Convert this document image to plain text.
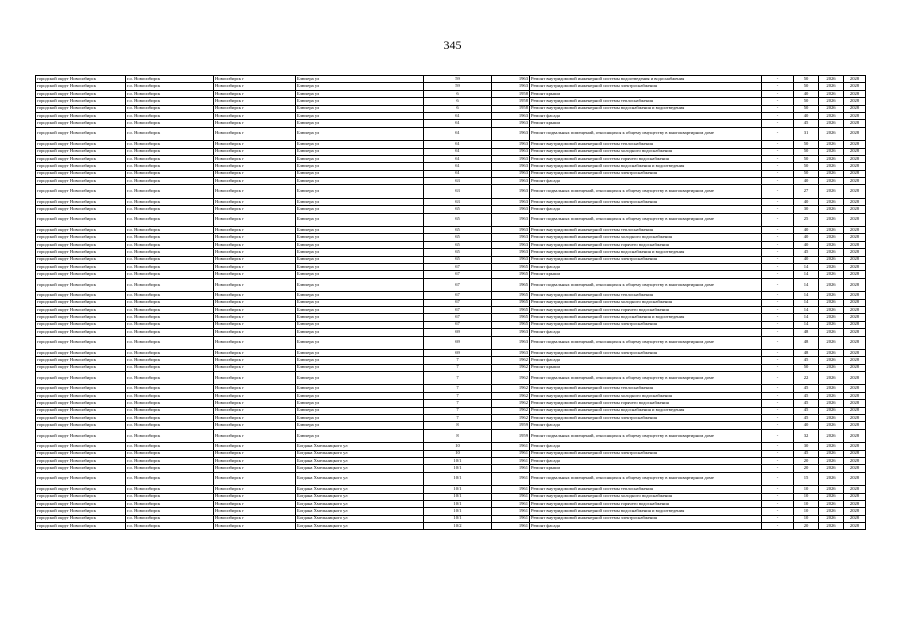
345
городской округ Новосибирск	г.о. Новосибирск	Новосибирск г	Блюхера ул	59	1963	Ремонт внутридомовой инженерной системы водоотведения и водоснабжения	-	50	2026	2028
городской округ Новосибирск	г.о. Новосибирск	Новосибирск г	Блюхера ул	59	1963	Ремонт внутридомовой инженерной системы электроснабжения	-	50	2026	2028
городской округ Новосибирск	г.о. Новосибирск	Новосибирск г	Блюхера ул	6	1958	Ремонт крыши	-	40	2026	2028
городской округ Новосибирск	г.о. Новосибирск	Новосибирск г	Блюхера ул	6	1958	Ремонт внутридомовой инженерной системы теплоснабжения	-	50	2026	2028
городской округ Новосибирск	г.о. Новосибирск	Новосибирск г	Блюхера ул	6	1958	Ремонт внутридомовой инженерной системы водоснабжения и водоотведения	-	50	2026	2028
городской округ Новосибирск	г.о. Новосибирск	Новосибирск г	Блюхера ул	61	1963	Ремонт фасада	-	40	2026	2028
городской округ Новосибирск	г.о. Новосибирск	Новосибирск г	Блюхера ул	61	1963	Ремонт крыши	-	45	2026	2028
городской округ Новосибирск	г.о. Новосибирск	Новосибирск г	Блюхера ул	61	1963	Ремонт подвальных помещений, относящихся к общему имуществу в многоквартирном доме	-	31	2026	2028
городской округ Новосибирск	г.о. Новосибирск	Новосибирск г	Блюхера ул	61	1963	Ремонт внутридомовой инженерной системы теплоснабжения	-	50	2026	2028
городской округ Новосибирск	г.о. Новосибирск	Новосибирск г	Блюхера ул	61	1963	Ремонт внутридомовой инженерной системы холодного водоснабжения	-	50	2026	2028
городской округ Новосибирск	г.о. Новосибирск	Новосибирск г	Блюхера ул	61	1963	Ремонт внутридомовой инженерной системы горячего водоснабжения	-	50	2026	2028
городской округ Новосибирск	г.о. Новосибирск	Новосибирск г	Блюхера ул	61	1963	Ремонт внутридомовой инженерной системы водоснабжения и водоотведения	-	50	2026	2028
городской округ Новосибирск	г.о. Новосибирск	Новосибирск г	Блюхера ул	61	1963	Ремонт внутридомовой инженерной системы электроснабжения	-	50	2026	2028
городской округ Новосибирск	г.о. Новосибирск	Новосибирск г	Блюхера ул	63	1963	Ремонт фасада	-	40	2026	2028
городской округ Новосибирск	г.о. Новосибирск	Новосибирск г	Блюхера ул	63	1963	Ремонт подвальных помещений, относящихся к общему имуществу в многоквартирном доме	-	27	2026	2028
городской округ Новосибирск	г.о. Новосибирск	Новосибирск г	Блюхера ул	63	1963	Ремонт внутридомовой инженерной системы электроснабжения	-	40	2026	2028
городской округ Новосибирск	г.о. Новосибирск	Новосибирск г	Блюхера ул	65	1963	Ремонт фасада	-	30	2026	2028
городской округ Новосибирск	г.о. Новосибирск	Новосибирск г	Блюхера ул	65	1963	Ремонт подвальных помещений, относящихся к общему имуществу в многоквартирном доме	-	25	2026	2028
городской округ Новосибирск	г.о. Новосибирск	Новосибирск г	Блюхера ул	65	1963	Ремонт внутридомовой инженерной системы теплоснабжения	-	40	2026	2028
городской округ Новосибирск	г.о. Новосибирск	Новосибирск г	Блюхера ул	65	1963	Ремонт внутридомовой инженерной системы холодного водоснабжения	-	40	2026	2028
городской округ Новосибирск	г.о. Новосибирск	Новосибирск г	Блюхера ул	65	1963	Ремонт внутридомовой инженерной системы горячего водоснабжения	-	40	2026	2028
городской округ Новосибирск	г.о. Новосибирск	Новосибирск г	Блюхера ул	65	1963	Ремонт внутридомовой инженерной системы водоснабжения и водоотведения	-	45	2026	2028
городской округ Новосибирск	г.о. Новосибирск	Новосибирск г	Блюхера ул	65	1963	Ремонт внутридомовой инженерной системы электроснабжения	-	40	2026	2028
городской округ Новосибирск	г.о. Новосибирск	Новосибирск г	Блюхера ул	67	1965	Ремонт фасада	-	14	2026	2028
городской округ Новосибирск	г.о. Новосибирск	Новосибирск г	Блюхера ул	67	1965	Ремонт крыши	-	14	2026	2028
городской округ Новосибирск	г.о. Новосибирск	Новосибирск г	Блюхера ул	67	1965	Ремонт подвальных помещений, относящихся к общему имуществу в многоквартирном доме	-	14	2026	2028
городской округ Новосибирск	г.о. Новосибирск	Новосибирск г	Блюхера ул	67	1965	Ремонт внутридомовой инженерной системы теплоснабжения	-	14	2026	2028
городской округ Новосибирск	г.о. Новосибирск	Новосибирск г	Блюхера ул	67	1965	Ремонт внутридомовой инженерной системы холодного водоснабжения	-	14	2026	2028
городской округ Новосибирск	г.о. Новосибирск	Новосибирск г	Блюхера ул	67	1965	Ремонт внутридомовой инженерной системы горячего водоснабжения	-	14	2026	2028
городской округ Новосибирск	г.о. Новосибирск	Новосибирск г	Блюхера ул	67	1965	Ремонт внутридомовой инженерной системы водоснабжения и водоотведения	-	14	2026	2028
городской округ Новосибирск	г.о. Новосибирск	Новосибирск г	Блюхера ул	67	1965	Ремонт внутридомовой инженерной системы электроснабжения	-	14	2026	2028
городской округ Новосибирск	г.о. Новосибирск	Новосибирск г	Блюхера ул	69	1963	Ремонт фасада	-	48	2026	2028
городской округ Новосибирск	г.о. Новосибирск	Новосибирск г	Блюхера ул	69	1963	Ремонт подвальных помещений, относящихся к общему имуществу в многоквартирном доме	-	48	2026	2028
городской округ Новосибирск	г.о. Новосибирск	Новосибирск г	Блюхера ул	69	1963	Ремонт внутридомовой инженерной системы электроснабжения	-	48	2026	2028
городской округ Новосибирск	г.о. Новосибирск	Новосибирск г	Блюхера ул	7	1962	Ремонт фасада	-	45	2026	2028
городской округ Новосибирск	г.о. Новосибирск	Новосибирск г	Блюхера ул	7	1962	Ремонт крыши	-	50	2026	2028
городской округ Новосибирск	г.о. Новосибирск	Новосибирск г	Блюхера ул	7	1962	Ремонт подвальных помещений, относящихся к общему имуществу в многоквартирном доме	-	22	2026	2028
городской округ Новосибирск	г.о. Новосибирск	Новосибирск г	Блюхера ул	7	1962	Ремонт внутридомовой инженерной системы теплоснабжения	-	45	2026	2028
городской округ Новосибирск	г.о. Новосибирск	Новосибирск г	Блюхера ул	7	1962	Ремонт внутридомовой инженерной системы холодного водоснабжения	-	45	2026	2028
городской округ Новосибирск	г.о. Новосибирск	Новосибирск г	Блюхера ул	7	1962	Ремонт внутридомовой инженерной системы горячего водоснабжения	-	45	2026	2028
городской округ Новосибирск	г.о. Новосибирск	Новосибирск г	Блюхера ул	7	1962	Ремонт внутридомовой инженерной системы водоснабжения и водоотведения	-	45	2026	2028
городской округ Новосибирск	г.о. Новосибирск	Новосибирск г	Блюхера ул	7	1962	Ремонт внутридомовой инженерной системы электроснабжения	-	45	2026	2028
городской округ Новосибирск	г.о. Новосибирск	Новосибирск г	Блюхера ул	8	1959	Ремонт фасада	-	40	2026	2028
городской округ Новосибирск	г.о. Новосибирск	Новосибирск г	Блюхера ул	8	1959	Ремонт подвальных помещений, относящихся к общему имуществу в многоквартирном доме	-	32	2026	2028
городской округ Новосибирск	г.о. Новосибирск	Новосибирск г	Богдана Хмельницкого ул	10	1961	Ремонт фасада	-	30	2026	2028
городской округ Новосибирск	г.о. Новосибирск	Новосибирск г	Богдана Хмельницкого ул	10	1961	Ремонт внутридомовой инженерной системы электроснабжения	-	45	2026	2028
городской округ Новосибирск	г.о. Новосибирск	Новосибирск г	Богдана Хмельницкого ул	10/1	1961	Ремонт фасада	-	20	2026	2028
городской округ Новосибирск	г.о. Новосибирск	Новосибирск г	Богдана Хмельницкого ул	10/1	1961	Ремонт крыши	-	20	2026	2028
городской округ Новосибирск	г.о. Новосибирск	Новосибирск г	Богдана Хмельницкого ул	10/1	1961	Ремонт подвальных помещений, относящихся к общему имуществу в многоквартирном доме	-	15	2026	2028
городской округ Новосибирск	г.о. Новосибирск	Новосибирск г	Богдана Хмельницкого ул	10/1	1961	Ремонт внутридомовой инженерной системы теплоснабжения	-	10	2026	2028
городской округ Новосибирск	г.о. Новосибирск	Новосибирск г	Богдана Хмельницкого ул	10/1	1961	Ремонт внутридомовой инженерной системы холодного водоснабжения	-	10	2026	2028
городской округ Новосибирск	г.о. Новосибирск	Новосибирск г	Богдана Хмельницкого ул	10/1	1961	Ремонт внутридомовой инженерной системы горячего водоснабжения	-	10	2026	2028
городской округ Новосибирск	г.о. Новосибирск	Новосибирск г	Богдана Хмельницкого ул	10/1	1961	Ремонт внутридомовой инженерной системы водоснабжения и водоотведения	-	10	2026	2028
городской округ Новосибирск	г.о. Новосибирск	Новосибирск г	Богдана Хмельницкого ул	10/1	1961	Ремонт внутридомовой инженерной системы электроснабжения	-	10	2026	2028
городской округ Новосибирск	г.о. Новосибирск	Новосибирск г	Богдана Хмельницкого ул	10/2	1961	Ремонт фасада	-	20	2026	2028
